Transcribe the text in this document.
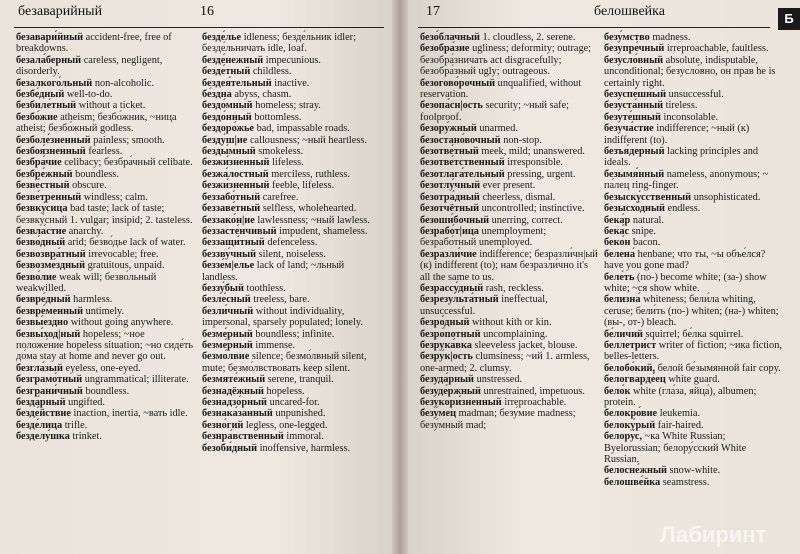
безаварийный	16
безавари́йный accident-free, free of breakdowns.
безала́берный careless, negligent, disorderly.
безалкого́льный non-alcoholic.
безбе́дный well-to-do.
безбиле́тный without a ticket.
безбо́жие atheism; безбо́жник, ~ница atheist; безбо́жный godless.
безболе́зненный painless; smooth.
безбоя́зненный fearless.
безбра́чие celibacy; безбра́чный celibate.
безбре́жный boundless.
безве́стный obscure.
безве́тренный windless; calm.
безвку́сица bad taste; lack of taste; безвку́сный 1. vulgar; insipid; 2. tasteless.
безвла́стие anarchy.
безво́дный arid; безво́дье lack of water.
безвозвра́тный irrevocable; free.
безвозме́здный gratuitous, unpaid.
безво́лие weak will; безво́льный weakwilled.
безвре́дный harmless.
безвре́менный untimely.
безвы́ездно without going anywhere.
безвы́ход|ный hopeless; ~ное положе́ние hopeless situation; ~но сиде́ть до́ма stay at home and never go out.
безгла́зый eyeless, one-eyed.
безграмо́тный ungrammatical; illiterate.
безграни́чный boundless.
безда́рный ungifted.
безде́йствие inaction, inertia, ~вать idle.
безде́лица trifle.
безделу́шка trinket.
безде́лье idleness; безде́льник idler; безде́льничать idle, loaf.
безде́нежный impecunious.
безде́тный childless.
бездея́тельный inactive.
бе́здна abyss, chasm.
бездо́мный homeless; stray.
бездо́нный bottomless.
бездоро́жье bad, impassable roads.
безду́ш|ие callousness; ~ный heartless.
безды́мный smokeless.
безжи́зненный lifeless.
безжа́лостный merciless, ruthless.
безжи́зненный feeble, lifeless.
беззабо́тный carefree.
беззаве́тный selfless, wholehearted.
беззако́н|ие lawlessness; ~ный lawless.
беззасте́нчивый impudent, shameless.
беззащи́тный defenceless.
беззву́чный silent, noiseless.
беззе́м|елье lack of land; ~льный landless.
беззу́бый toothless.
безле́сный treeless, bare.
безли́чный without individuality, impersonal, sparsely populated; lonely.
безме́рный boundless; infinite.
безме́рный immense.
безмо́лвие silence; безмо́лвный silent, mute; безмо́лвствовать keep silent.
безмяте́жный serene, tranquil.
безнадёжный hopeless.
безнадзо́рный uncared-for.
безнака́занный unpunished.
безно́гий legless, one-legged.
безнра́вственный immoral.
безоби́дный inoffensive, harmless.
17	белошвейка	Б
безо́блачный 1. cloudless, 2. serene.
безобра́зие ugliness; deformity; outrage; безобра́зничать act disgracefully; безобра́зный ugly; outrageous.
безогово́рочный unqualified, without reservation.
безопа́сн|ость security; ~ный safe; foolproof.
безору́жный unarmed.
безостано́вочный non-stop.
безотве́тный meek, mild; unanswered.
безотве́тственный irresponsible.
безотлага́тельный pressing, urgent.
безотлу́чный ever present.
безотра́дный cheerless, dismal.
безотчётный uncontrolled; instinctive.
безоши́бочный unerring, correct.
безрабо́т|ица unemployment; безрабо́тный unemployed.
безразли́чие indifference; безразли́чн|ый (к) indifferent (to); нам безразли́чно it's all the same to us.
безрассу́дный rash, reckless.
безрезульта́тный ineffectual, unsuccessful.
безро́дный without kith or kin.
безро́потный uncomplaining.
безрука́вка sleeveless jacket, blouse.
безру́к|ость clumsiness; ~ий 1. armless, one-armed; 2. clumsy.
безуда́рный unstressed.
безуде́ржный unrestrained, impetuous.
безукори́зненный irreproachable.
безу́мец madman; безу́мие madness; безу́мный mad;
безу́мство madness.
безупре́чный irreproachable, faultless.
безусло́вный absolute, indisputable, unconditional; безусло́вно, он прав he is certainly right.
безуспе́шный unsuccessful.
безуста́нный tireless.
безуте́шный inconsolable.
безуча́стие indifference; ~ный (к) indifferent (to).
безъя́дерный lacking principles and ideals.
безымя́нный nameless, anonymous; ~ па́лец ring-finger.
безыску́сственный unsophisticated.
безысхо́дный endless.
бека́р natural.
бека́с snipe.
беко́н bacon.
белена́ henbane; что ты, ~ы объе́лся? have you gone mad?
беле́ть (по-) become white; (за-) show white; ~ся show white.
белизна́ whiteness; бели́ла whiting, ceruse; бели́ть (по-) whiten; (на-) whiten; (вы-, от-) bleach.
бе́личий squirrel; бе́лка squirrel.
беллетри́ст writer of fiction; ~ика fiction, belles-letters.
белобо́кий, белой бе́зымянной fair copy.
белогварде́ец white guard.
бело́к white (гла́за, яйца́), albumen; protein.
белокро́вие leukemia.
белоку́рый fair-haired.
белору́с, ~ка White Russian; Byelorussian; белору́сский White Russian.
белосне́жный snow-white.
белошве́йка seamstress.
Лабиринт
